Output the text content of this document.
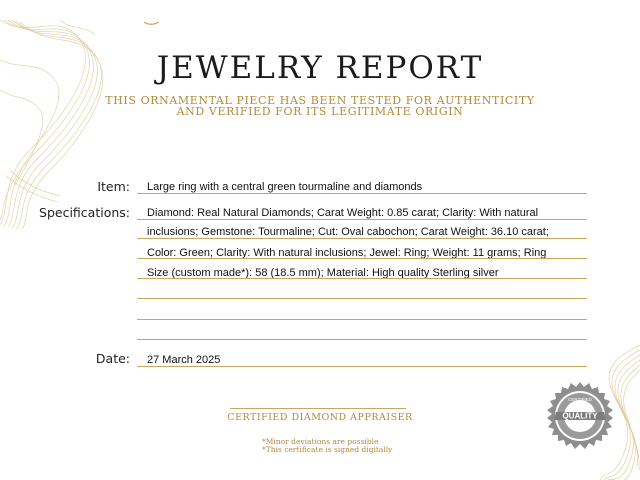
JEWELRY REPORT
THIS ORNAMENTAL PIECE HAS BEEN TESTED FOR AUTHENTICITY
AND VERIFIED FOR ITS LEGITIMATE ORIGIN
Item: Large ring with a central green tourmaline and diamonds
Specifications: Diamond: Real Natural Diamonds; Carat Weight: 0.85 carat; Clarity: With natural
inclusions; Gemstone: Tourmaline; Cut: Oval cabochon; Carat Weight: 36.10 carat;
Color: Green; Clarity: With natural inclusions; Jewel: Ring; Weight: 11 grams; Ring
Size (custom made*): 58 (18.5 mm); Material: High quality Sterling silver
Date: 27 March 2025
CERTIFIED DIAMOND APPRAISER
*Minor deviations are possible
*This certificate is signed digitally
QUALITY
CERTIFIED
